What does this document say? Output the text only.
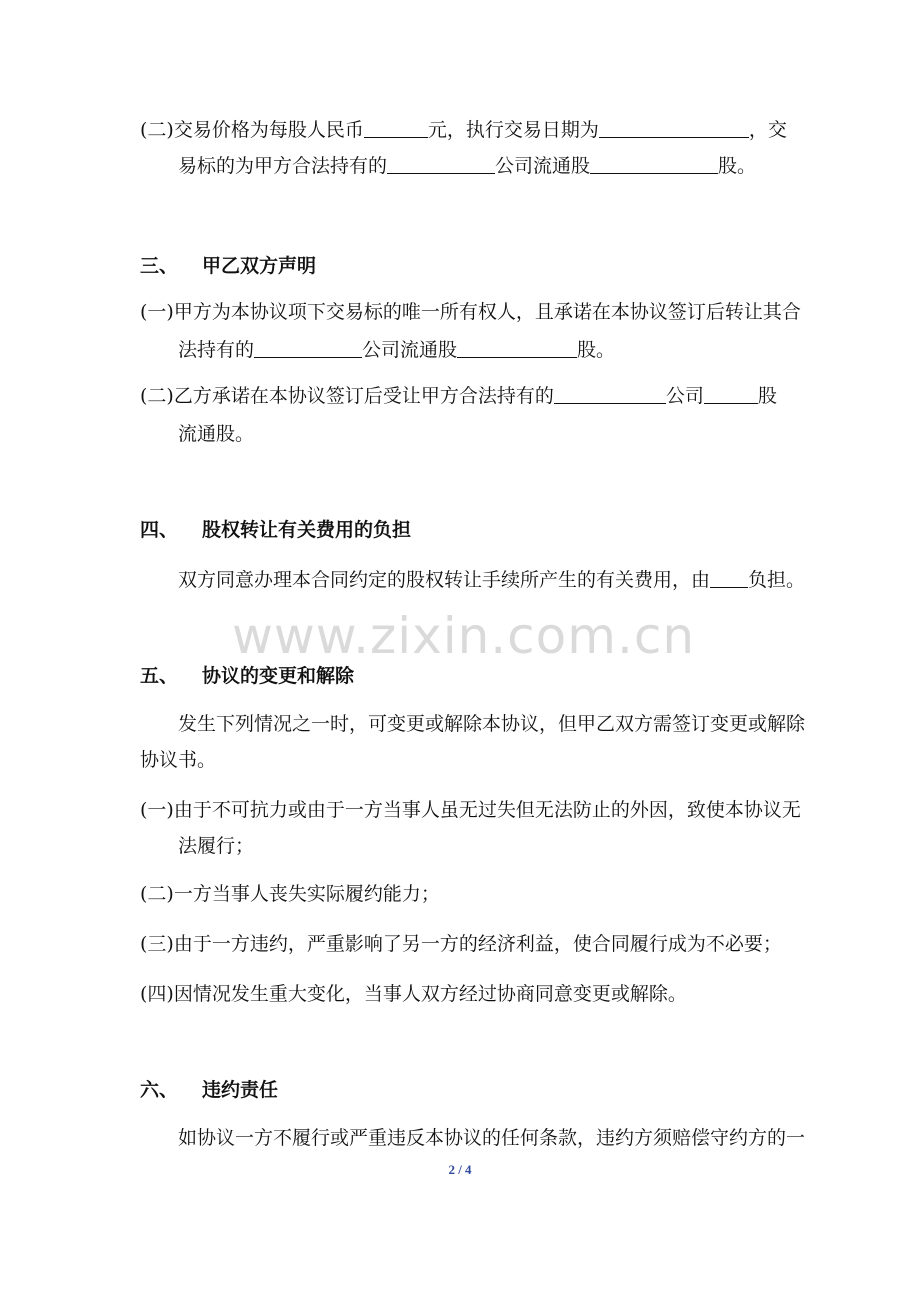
(二)交易价格为每股人民币	元，执行交易日期为	，交
易标的为甲方合法持有的	公司流通股	股。
三、 甲乙双方声明
(一)甲方为本协议项下交易标的唯一所有权人，且承诺在本协议签订后转让其合
法持有的	公司流通股	股。
(二)乙方承诺在本协议签订后受让甲方合法持有的	公司	股
流通股。
四、 股权转让有关费用的负担
双方同意办理本合同约定的股权转让手续所产生的有关费用，由 负担。
www.zixin.com.cn
五、 协议的变更和解除
发生下列情况之一时，可变更或解除本协议，但甲乙双方需签订变更或解除
协议书。
(一)由于不可抗力或由于一方当事人虽无过失但无法防止的外因，致使本协议无
法履行；
(二)一方当事人丧失实际履约能力；
(三)由于一方违约，严重影响了另一方的经济利益，使合同履行成为不必要；
(四)因情况发生重大变化，当事人双方经过协商同意变更或解除。
六、 违约责任
如协议一方不履行或严重违反本协议的任何条款，违约方须赔偿守约方的一
2 / 4
